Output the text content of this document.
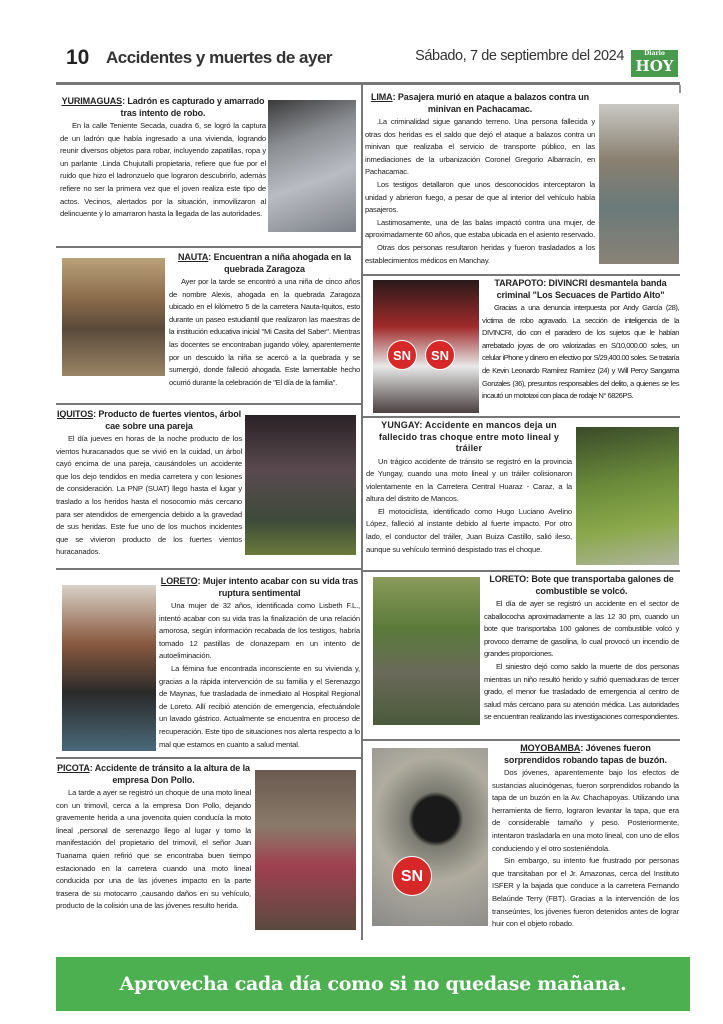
10 Accidentes y muertes de ayer	Sábado, 7 de septiembre del 2024	Diario
HOY
YURIMAGUAS: Ladrón es capturado y amarrado tras intento de robo.

En la calle Teniente Secada, cuadra 6, se logró la captura de un ladrón que había ingresado a una vivienda, logrando reunir diversos objetos para robar, incluyendo zapatillas, ropa y un parlante .Linda Chujutalli propietaria, refiere que fue por el ruido que hizo el ladronzuelo que lograron descubrirlo, además refiere no ser la primera vez que el joven realiza este tipo de actos. Vecinos, alertados por la situación, inmovilizaron al delincuente y lo amarraron hasta la llegada de las autoridades.

NAUTA: Encuentran a niña ahogada en la quebrada Zaragoza

Ayer por la tarde se encontró a una niña de cinco años de nombre Alexis, ahogada en la quebrada Zaragoza ubicado en el kilómetro 5 de la carretera Nauta-Iquitos, esto durante un paseo estudiantil que realizaron las maestras de la institución educativa inicial "Mi Casita del Saber". Mientras las docentes se encontraban jugando vóley, aparentemente por un descuido la niña se acercó a la quebrada y se sumergió, donde falleció ahogada. Este lamentable hecho ocurrió durante la celebración de "El día de la familia".

IQUITOS: Producto de fuertes vientos, árbol cae sobre una pareja

El día jueves en horas de la noche producto de los vientos huracanados que se vivió en la cuidad, un árbol cayó encima de una pareja, causándoles un accidente que los dejo tendidos en media carretera y con lesiones de consideración. La PNP (SUAT) llego hasta el lugar y traslado a los heridos hasta el nosocomio más cercano para ser atendidos de emergencia debido a la gravedad de sus heridas. Este fue uno de los muchos incidentes que se vivieron producto de los fuertes vientos huracanados.

LORETO: Mujer intento acabar con su vida tras ruptura sentimental

Una mujer de 32 años, identificada como Lisbeth F.L., intentó acabar con su vida tras la finalización de una relación amorosa, según información recabada de los testigos, habría tomado 12 pastillas de clonazepam en un intento de autoeliminación.

La fémina fue encontrada inconsciente en su vivienda y, gracias a la rápida intervención de su familia y el Serenazgo de Maynas, fue trasladada de inmediato al Hospital Regional de Loreto. Allí recibió atención de emergencia, efectuándole un lavado gástrico. Actualmente se encuentra en proceso de recuperación. Este tipo de situaciones nos alerta respecto a lo mal que estamos en cuanto a salud mental.

PICOTA: Accidente de tránsito a la altura de la empresa Don Pollo.

La tarde a ayer se registró un choque de una moto lineal con un trimovil, cerca a la empresa Don Pollo, dejando gravemente herida a una jovencita quien conducía la moto lineal ,personal de serenazgo llego al lugar y tomo la manifestación del propietario del trimovil, el señor Juan Tuanama quien refirió que se encontraba buen tiempo estacionado en la carretera cuando una moto lineal conducida por una de las jóvenes impacto en la parte trasera de su motocarro ,causando daños en su vehículo, producto de la colisión una de las jóvenes resulto herida.

LIMA: Pasajera murió en ataque a balazos contra un minivan en Pachacamac.

.La criminalidad sigue ganando terreno. Una persona fallecida y otras dos heridas es el saldo que dejó el ataque a balazos contra un minivan que realizaba el servicio de transporte público, en las inmediaciones de la urbanización Coronel Gregorio Albarracín, en Pachacamac.

Los testigos detallaron que unos desconocidos interceptaron la unidad y abrieron fuego, a pesar de que al interior del vehículo había pasajeros.

Lastimosamente, una de las balas impactó contra una mujer, de aproximadamente 60 años, que estaba ubicada en el asiento reservado.

Otras dos personas resultaron heridas y fueron trasladados a los establecimientos médicos en Manchay.

SN	SN
TARAPOTO: DIVINCRI desmantela banda criminal "Los Secuaces de Partido Alto"

Gracias a una denuncia interpuesta por Andy García (28), víctima de robo agravado. La sección de inteligencia de la DIVINCRI, dio con el paradero de los sujetos que le habían arrebatado joyas de oro valorizadas en S/10,000.00 soles, un celular iPhone y dinero en efectivo por S/29,400.00 soles. Se trataría de Kevin Leonardo Ramírez Ramírez (24) y Will Percy Sangama Gonzales (36), presuntos responsables del delito, a quienes se les incautó un mototaxi con placa de rodaje N° 6826PS.

YUNGAY: Accidente en mancos deja un fallecido tras choque entre moto lineal y tráiler

Un trágico accidente de tránsito se registró en la provincia de Yungay, cuando una moto lineal y un tráiler colisionaron violentamente en la Carretera Central Huaraz - Caraz, a la altura del distrito de Mancos.

El motociclista, identificado como Hugo Luciano Avelino López, falleció al instante debido al fuerte impacto. Por otro lado, el conductor del tráiler, Juan Buiza Castillo, salió ileso, aunque su vehículo terminó despistado tras el choque.

LORETO: Bote que transportaba galones de combustible se volcó.

El día de ayer se registró un accidente en el sector de caballococha aproximadamente a las 12 30 pm, cuando un bote que transportaba 100 galones de combustible volcó y provoco derrame de gasolina, lo cual provocó un incendio de grandes proporciones.

El siniestro dejó como saldo la muerte de dos personas mientras un niño resultó herido y sufrió quemaduras de tercer grado, el menor fue trasladado de emergencia al centro de salud más cercano para su atención médica. Las autoridades se encuentran realizando las investigaciones correspondientes.

SN
MOYOBAMBA: Jóvenes fueron sorprendidos robando tapas de buzón.

Dos jóvenes, aparentemente bajo los efectos de sustancias alucinógenas, fueron sorprendidos robando la tapa de un buzón en la Av. Chachapoyas. Utilizando una herramienta de fierro, lograron levantar la tapa, que era de considerable tamaño y peso. Posteriormente, intentaron trasladarla en una moto lineal, con uno de ellos conduciendo y el otro sosteniéndola.

Sin embargo, su intento fue frustrado por personas que transitaban por el Jr. Amazonas, cerca del Instituto ISFER y la bajada que conduce a la carretera Fernando Belaúnde Terry (FBT). Gracias a la intervención de los transeúntes, los jóvenes fueron detenidos antes de lograr huir con el objeto robado.

Aprovecha cada día como si no quedase mañana.
